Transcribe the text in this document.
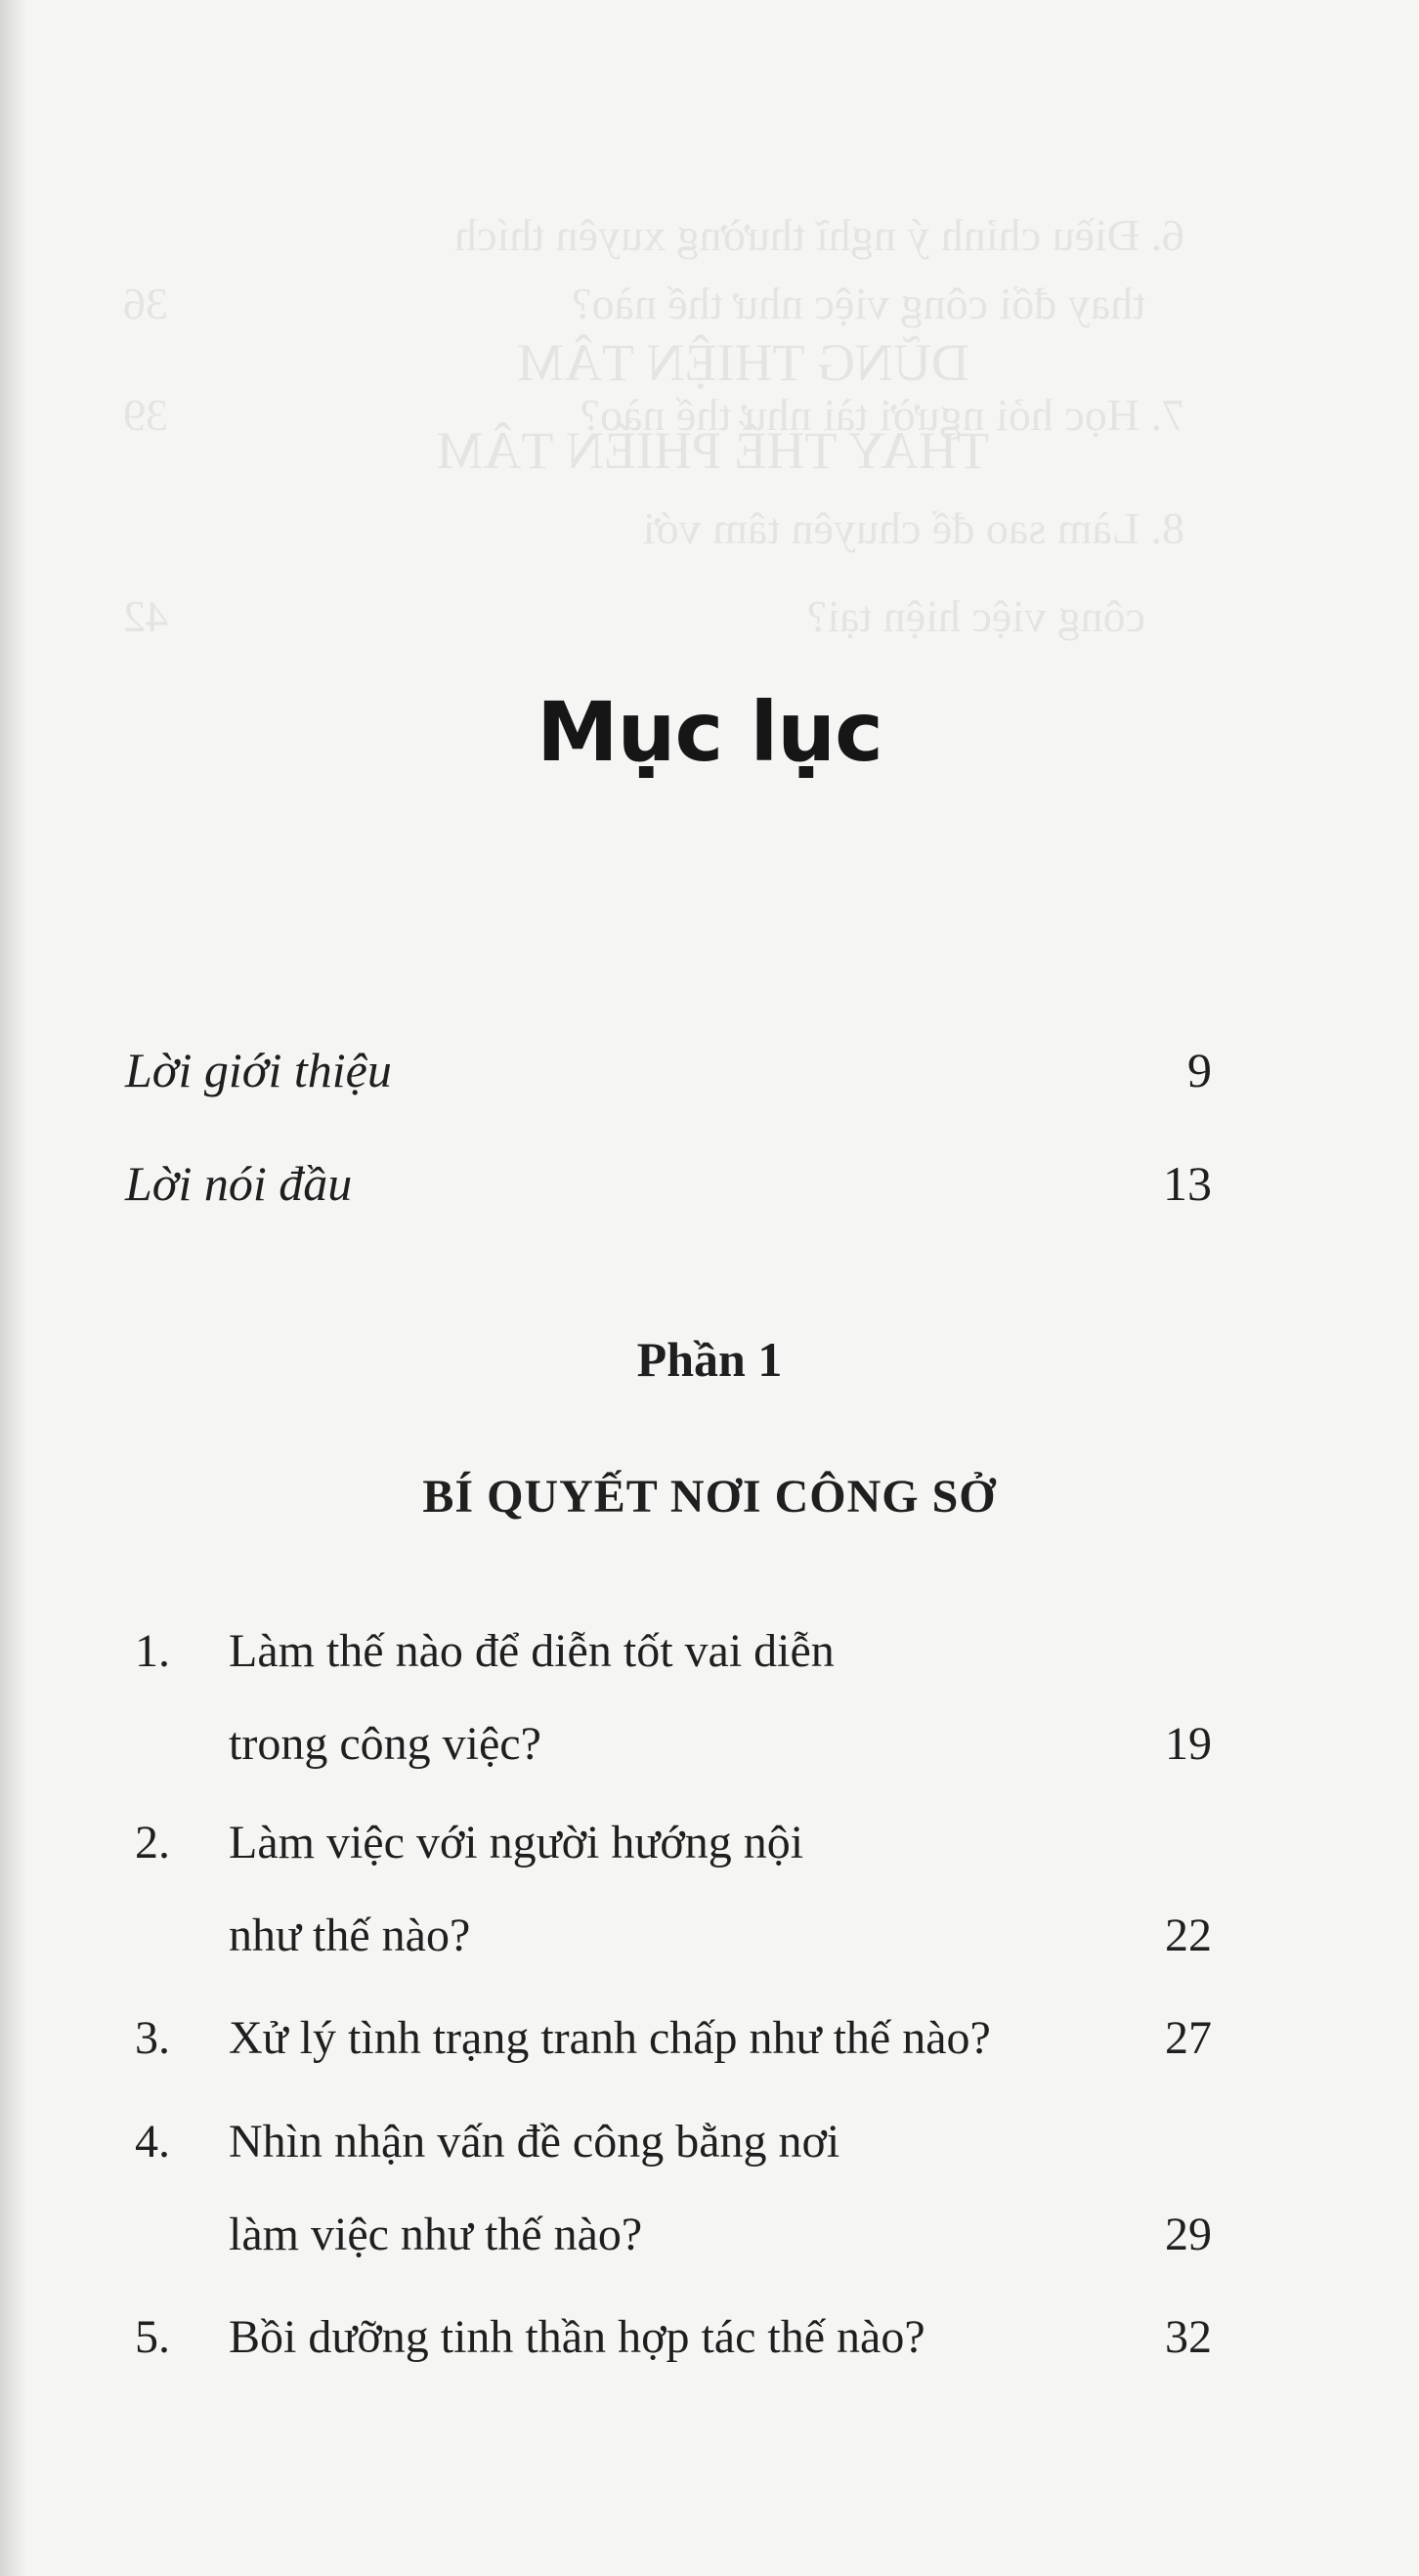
6. Điều chỉnh ý nghĩ thường xuyên thích
thay đổi công việc như thế nào?
36
7. Học hỏi người tài như thế nào?
39
8. Làm sao để chuyên tâm với
công việc hiện tại?
42
DŨNG THIỆN TÂM
THAY THẾ PHIỀN TÂM
Mục lục
Lời giới thiệu	9
Lời nói đầu	13
Phần 1
BÍ QUYẾT NƠI CÔNG SỞ
1. Làm thế nào để diễn tốt vai diễn
trong công việc?	19
2. Làm việc với người hướng nội
như thế nào?	22
3. Xử lý tình trạng tranh chấp như thế nào?	27
4. Nhìn nhận vấn đề công bằng nơi
làm việc như thế nào?	29
5. Bồi dưỡng tinh thần hợp tác thế nào?	32
